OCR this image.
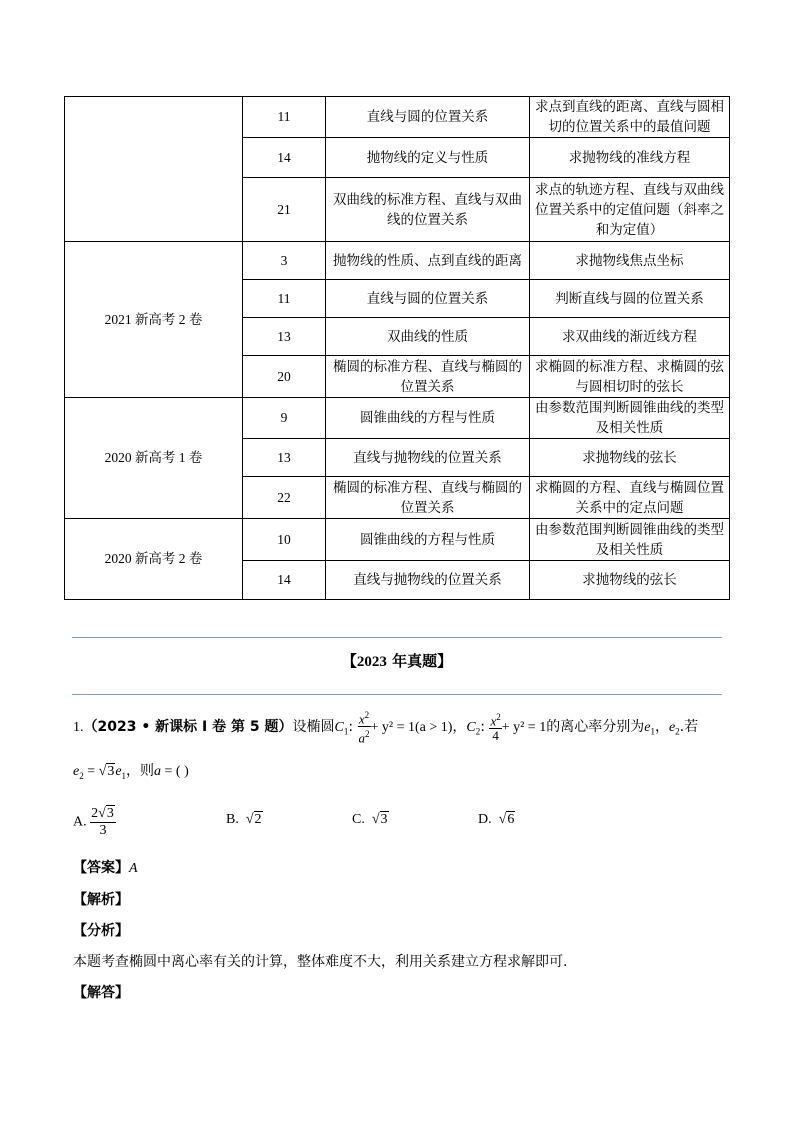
	11	直线与圆的位置关系	求点到直线的距离、直线与圆相切的位置关系中的最值问题
	14	抛物线的定义与性质	求抛物线的准线方程
	21	双曲线的标准方程、直线与双曲线的位置关系	求点的轨迹方程、直线与双曲线位置关系中的定值问题（斜率之和为定值）
2021 新高考 2 卷	3	抛物线的性质、点到直线的距离	求抛物线焦点坐标
	11	直线与圆的位置关系	判断直线与圆的位置关系
	13	双曲线的性质	求双曲线的渐近线方程
	20	椭圆的标准方程、直线与椭圆的位置关系	求椭圆的标准方程、求椭圆的弦与圆相切时的弦长
2020 新高考 1 卷	9	圆锥曲线的方程与性质	由参数范围判断圆锥曲线的类型及相关性质
	13	直线与抛物线的位置关系	求抛物线的弦长
	22	椭圆的标准方程、直线与椭圆的位置关系	求椭圆的方程、直线与椭圆位置关系中的定点问题
2020 新高考 2 卷	10	圆锥曲线的方程与性质	由参数范围判断圆锥曲线的类型及相关性质
	14	直线与抛物线的位置关系	求抛物线的弦长
【2023 年真题】
1.（2023 • 新课标 I 卷 第 5 题）设椭圆$C_1$: $\frac{x^2}{a^2} + y^2 = 1(a > 1)$，$C_2$: $\frac{x^2}{4} + y^2 = 1$的离心率分别为$e_1$，$e_2$.若
$e_2 = √3e_1$，则a = ( )
A. $\frac{2√3}{3}$	B. √2	C. √3	D. √6
【答案】A
【解析】
【分析】
本题考查椭圆中离心率有关的计算，整体难度不大，利用关系建立方程求解即可.
【解答】
